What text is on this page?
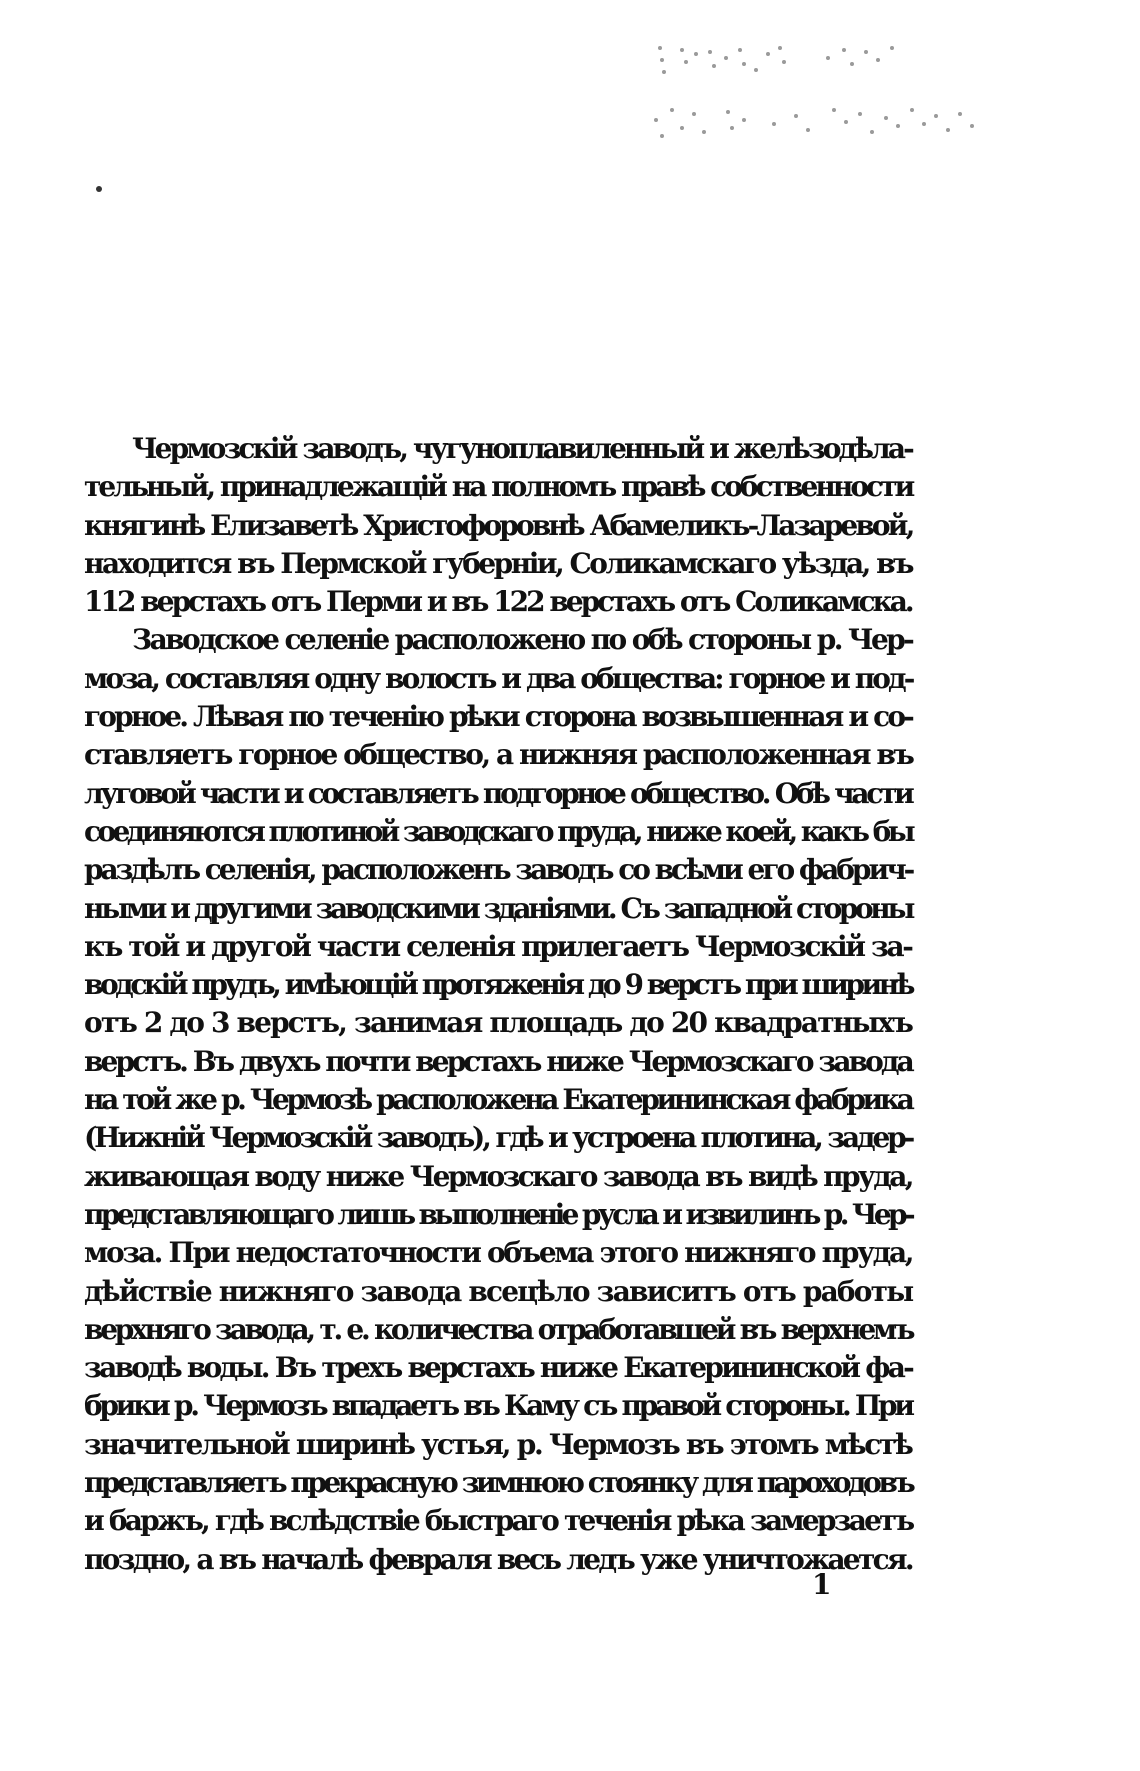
Чермозскій заводъ, чугуноплавиленный и желѣзодѣла-
тельный, принадлежащій на полномъ правѣ собственности
княгинѣ Елизаветѣ Христофоровнѣ Абамеликъ-Лазаревой,
находится въ Пермской губерніи, Соликамскаго уѣзда, въ
112 верстахъ отъ Перми и въ 122 верстахъ отъ Соликамска.
Заводское селеніе расположено по обѣ стороны р. Чер-
моза, составляя одну волость и два общества: горное и под-
горное. Лѣвая по теченію рѣки сторона возвышенная и со-
ставляетъ горное общество, а нижняя расположенная въ
луговой части и составляетъ подгорное общество. Обѣ части
соединяются плотиной заводскаго пруда, ниже коей, какъ бы
раздѣлъ селенія, расположенъ заводъ со всѣми его фабрич-
ными и другими заводскими зданіями. Съ западной стороны
къ той и другой части селенія прилегаетъ Чермозскій за-
водскій прудъ, имѣющій протяженія до 9 верстъ при ширинѣ
отъ 2 до 3 верстъ, занимая площадь до 20 квадратныхъ
верстъ. Въ двухъ почти верстахъ ниже Чермозскаго завода
на той же р. Чермозѣ расположена Екатерининская фабрика
(Нижній Чермозскій заводъ), гдѣ и устроена плотина, задер-
живающая воду ниже Чермозскаго завода въ видѣ пруда,
представляющаго лишь выполненіе русла и извилинъ р. Чер-
моза. При недостаточности объема этого нижняго пруда,
дѣйствіе нижняго завода всецѣло зависитъ отъ работы
верхняго завода, т. е. количества отработавшей въ верхнемъ
заводѣ воды. Въ трехъ верстахъ ниже Екатерининской фа-
брики р. Чермозъ впадаетъ въ Каму съ правой стороны. При
значительной ширинѣ устья, р. Чермозъ въ этомъ мѣстѣ
представляетъ прекрасную зимнюю стоянку для пароходовъ
и баржъ, гдѣ вслѣдствіе быстраго теченія рѣка замерзаетъ
поздно, а въ началѣ февраля весь ледъ уже уничтожается.
1
